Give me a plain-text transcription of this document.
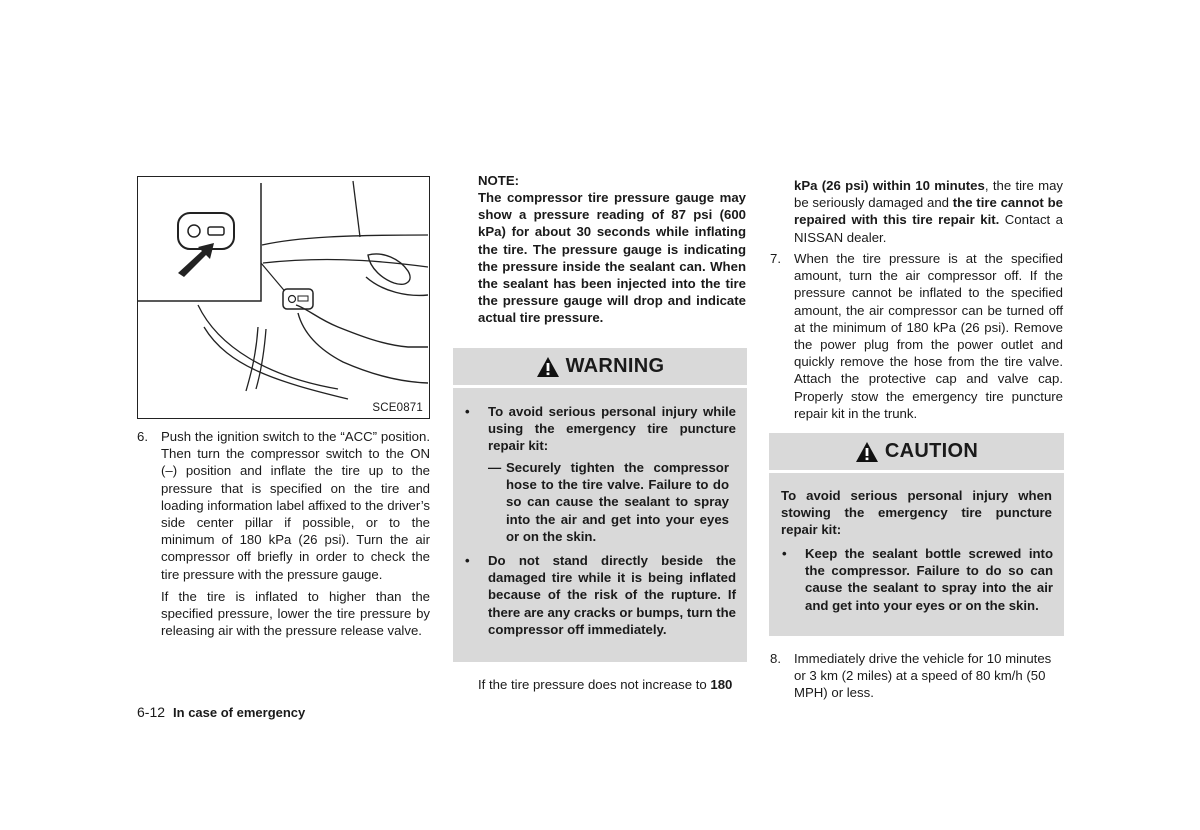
SCE0871
6. Push the ignition switch to the “ACC” position. Then turn the compressor switch to the ON (–) position and inflate the tire up to the pressure that is specified on the tire and loading information label affixed to the driver’s side center pillar if possible, or to the minimum of 180 kPa (26 psi). Turn the air compressor off briefly in order to check the tire pressure with the pressure gauge.
If the tire is inflated to higher than the specified pressure, lower the tire pressure by releasing air with the pressure release valve.
6-12 In case of emergency
NOTE:
The compressor tire pressure gauge may show a pressure reading of 87 psi (600 kPa) for about 30 seconds while inflating the tire. The pressure gauge is indicating the pressure inside the sealant can. When the sealant has been injected into the tire the pressure gauge will drop and indicate actual tire pressure.
WARNING
• To avoid serious personal injury while using the emergency tire puncture repair kit:
— Securely tighten the compressor hose to the tire valve. Failure to do so can cause the sealant to spray into the air and get into your eyes or on the skin.
• Do not stand directly beside the damaged tire while it is being inflated because of the risk of the rupture. If there are any cracks or bumps, turn the compressor off immediately.
If the tire pressure does not increase to 180
kPa (26 psi) within 10 minutes, the tire may be seriously damaged and the tire cannot be repaired with this tire repair kit. Contact a NISSAN dealer.
7. When the tire pressure is at the specified amount, turn the air compressor off. If the pressure cannot be inflated to the specified amount, the air compressor can be turned off at the minimum of 180 kPa (26 psi). Remove the power plug from the power outlet and quickly remove the hose from the tire valve. Attach the protective cap and valve cap. Properly stow the emergency tire puncture repair kit in the trunk.
CAUTION
To avoid serious personal injury when stowing the emergency tire puncture repair kit:
• Keep the sealant bottle screwed into the compressor. Failure to do so can cause the sealant to spray into the air and get into your eyes or on the skin.
8. Immediately drive the vehicle for 10 minutes or 3 km (2 miles) at a speed of 80 km/h (50 MPH) or less.
